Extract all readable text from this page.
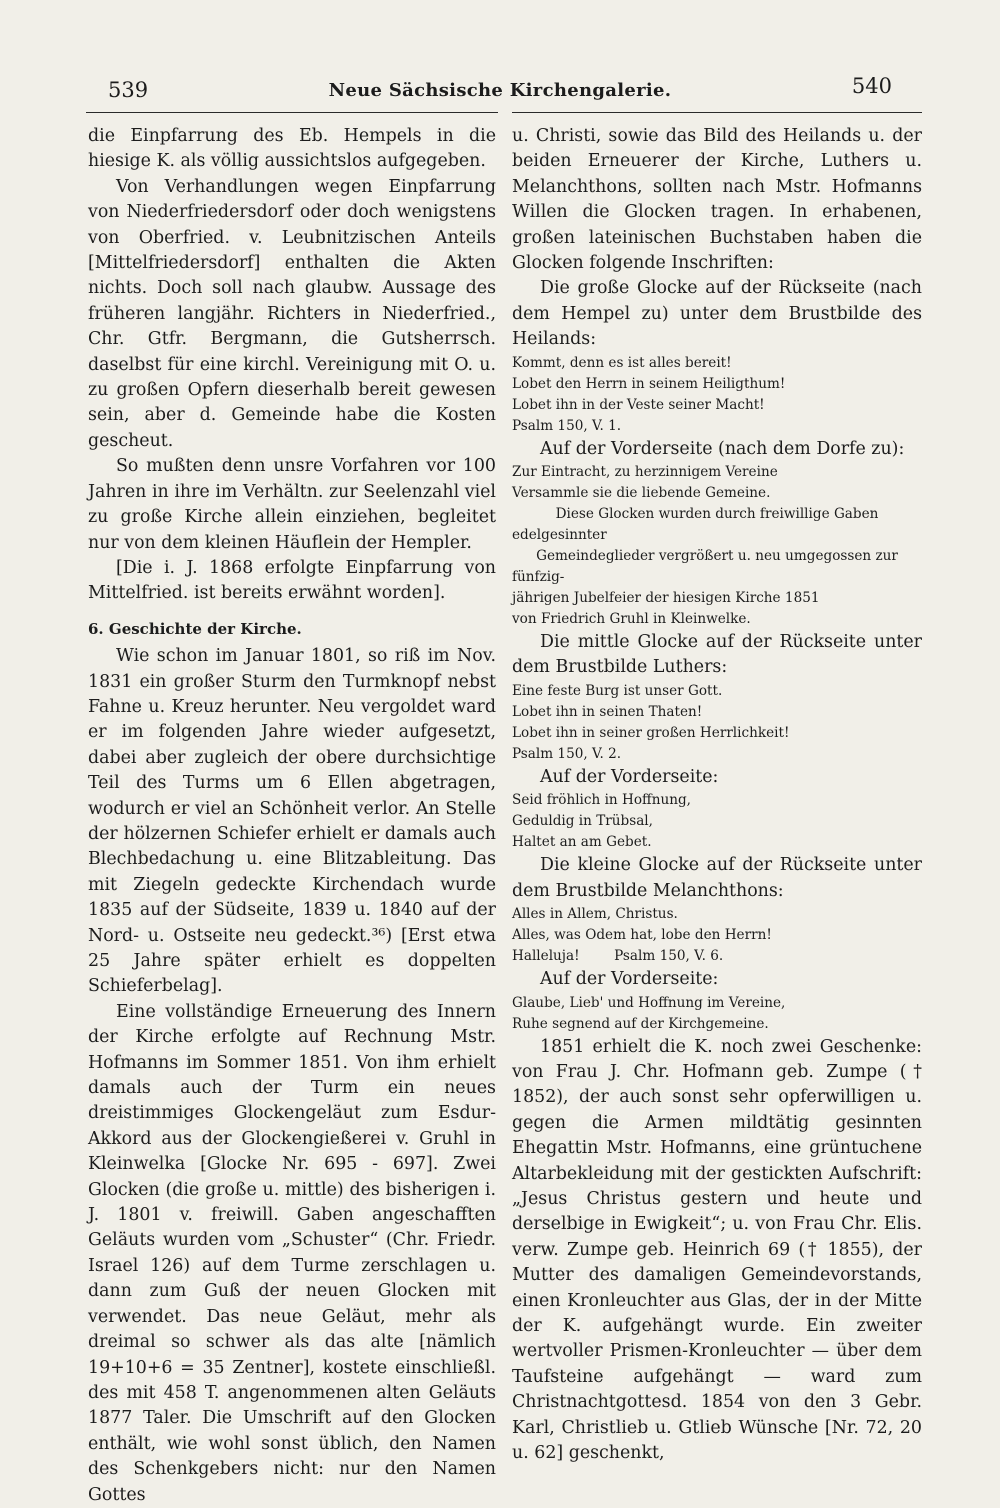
539	Neue Sächsische Kirchengalerie.	540

die Einpfarrung des Eb. Hempels in die hiesige K. als völlig aussichtslos aufgegeben.

Von Verhandlungen wegen Einpfarrung von Niederfriedersdorf oder doch wenigstens von Oberfried. v. Leubnitzischen Anteils [Mittelfriedersdorf] enthalten die Akten nichts. Doch soll nach glaubw. Aussage des früheren langjähr. Richters in Niederfried., Chr. Gtfr. Bergmann, die Gutsherrsch. daselbst für eine kirchl. Vereinigung mit O. u. zu großen Opfern dieserhalb bereit gewesen sein, aber d. Gemeinde habe die Kosten gescheut.

So mußten denn unsre Vorfahren vor 100 Jahren in ihre im Verhältn. zur Seelenzahl viel zu große Kirche allein einziehen, begleitet nur von dem kleinen Häuflein der Hempler.

[Die i. J. 1868 erfolgte Einpfarrung von Mittelfried. ist bereits erwähnt worden].

6. Geschichte der Kirche.

Wie schon im Januar 1801, so riß im Nov. 1831 ein großer Sturm den Turmknopf nebst Fahne u. Kreuz herunter. Neu vergoldet ward er im folgenden Jahre wieder aufgesetzt, dabei aber zugleich der obere durchsichtige Teil des Turms um 6 Ellen abgetragen, wodurch er viel an Schönheit verlor. An Stelle der hölzernen Schiefer erhielt er damals auch Blechbedachung u. eine Blitzableitung. Das mit Ziegeln gedeckte Kirchendach wurde 1835 auf der Südseite, 1839 u. 1840 auf der Nord- u. Ostseite neu gedeckt.³⁶) [Erst etwa 25 Jahre später erhielt es doppelten Schieferbelag].

Eine vollständige Erneuerung des Innern der Kirche erfolgte auf Rechnung Mstr. Hofmanns im Sommer 1851. Von ihm erhielt damals auch der Turm ein neues dreistimmiges Glockengeläut zum Esdur-Akkord aus der Glockengießerei v. Gruhl in Kleinwelka [Glocke Nr. 695 - 697]. Zwei Glocken (die große u. mittle) des bisherigen i. J. 1801 v. freiwill. Gaben angeschafften Geläuts wurden vom „Schuster“ (Chr. Friedr. Israel 126) auf dem Turme zerschlagen u. dann zum Guß der neuen Glocken mit verwendet. Das neue Geläut, mehr als dreimal so schwer als das alte [nämlich 19+10+6 = 35 Zentner], kostete einschließl. des mit 458 T. angenommenen alten Geläuts 1877 Taler. Die Umschrift auf den Glocken enthält, wie wohl sonst üblich, den Namen des Schenkgebers nicht: nur den Namen Gottes

u. Christi, sowie das Bild des Heilands u. der beiden Erneuerer der Kirche, Luthers u. Melanchthons, sollten nach Mstr. Hofmanns Willen die Glocken tragen. In erhabenen, großen lateinischen Buchstaben haben die Glocken folgende Inschriften:

Die große Glocke auf der Rückseite (nach dem Hempel zu) unter dem Brustbilde des Heilands:

Kommt, denn es ist alles bereit!

Lobet den Herrn in seinem Heiligthum!

Lobet ihn in der Veste seiner Macht!

Psalm 150, V. 1.

Auf der Vorderseite (nach dem Dorfe zu):

Zur Eintracht, zu herzinnigem Vereine

Versammle sie die liebende Gemeine.

Diese Glocken wurden durch freiwillige Gaben edelgesinnter

Gemeindeglieder vergrößert u. neu umgegossen zur fünfzig-

jährigen Jubelfeier der hiesigen Kirche 1851

von Friedrich Gruhl in Kleinwelke.

Die mittle Glocke auf der Rückseite unter dem Brustbilde Luthers:

Eine feste Burg ist unser Gott.

Lobet ihn in seinen Thaten!

Lobet ihn in seiner großen Herrlichkeit!

Psalm 150, V. 2.

Auf der Vorderseite:

Seid fröhlich in Hoffnung,

Geduldig in Trübsal,

Haltet an am Gebet.

Die kleine Glocke auf der Rückseite unter dem Brustbilde Melanchthons:

Alles in Allem, Christus.

Alles, was Odem hat, lobe den Herrn!

Halleluja!        Psalm 150, V. 6.

Auf der Vorderseite:

Glaube, Lieb' und Hoffnung im Vereine,

Ruhe segnend auf der Kirchgemeine.

1851 erhielt die K. noch zwei Geschenke: von Frau J. Chr. Hofmann geb. Zumpe († 1852), der auch sonst sehr opferwilligen u. gegen die Armen mildtätig gesinnten Ehegattin Mstr. Hofmanns, eine grüntuchene Altarbekleidung mit der gestickten Aufschrift: „Jesus Christus gestern und heute und derselbige in Ewigkeit“; u. von Frau Chr. Elis. verw. Zumpe geb. Heinrich 69 († 1855), der Mutter des damaligen Gemeindevorstands, einen Kronleuchter aus Glas, der in der Mitte der K. aufgehängt wurde. Ein zweiter wertvoller Prismen-Kronleuchter — über dem Taufsteine aufgehängt — ward zum Christnachtgottesd. 1854 von den 3 Gebr. Karl, Christlieb u. Gtlieb Wünsche [Nr. 72, 20 u. 62] geschenkt,
